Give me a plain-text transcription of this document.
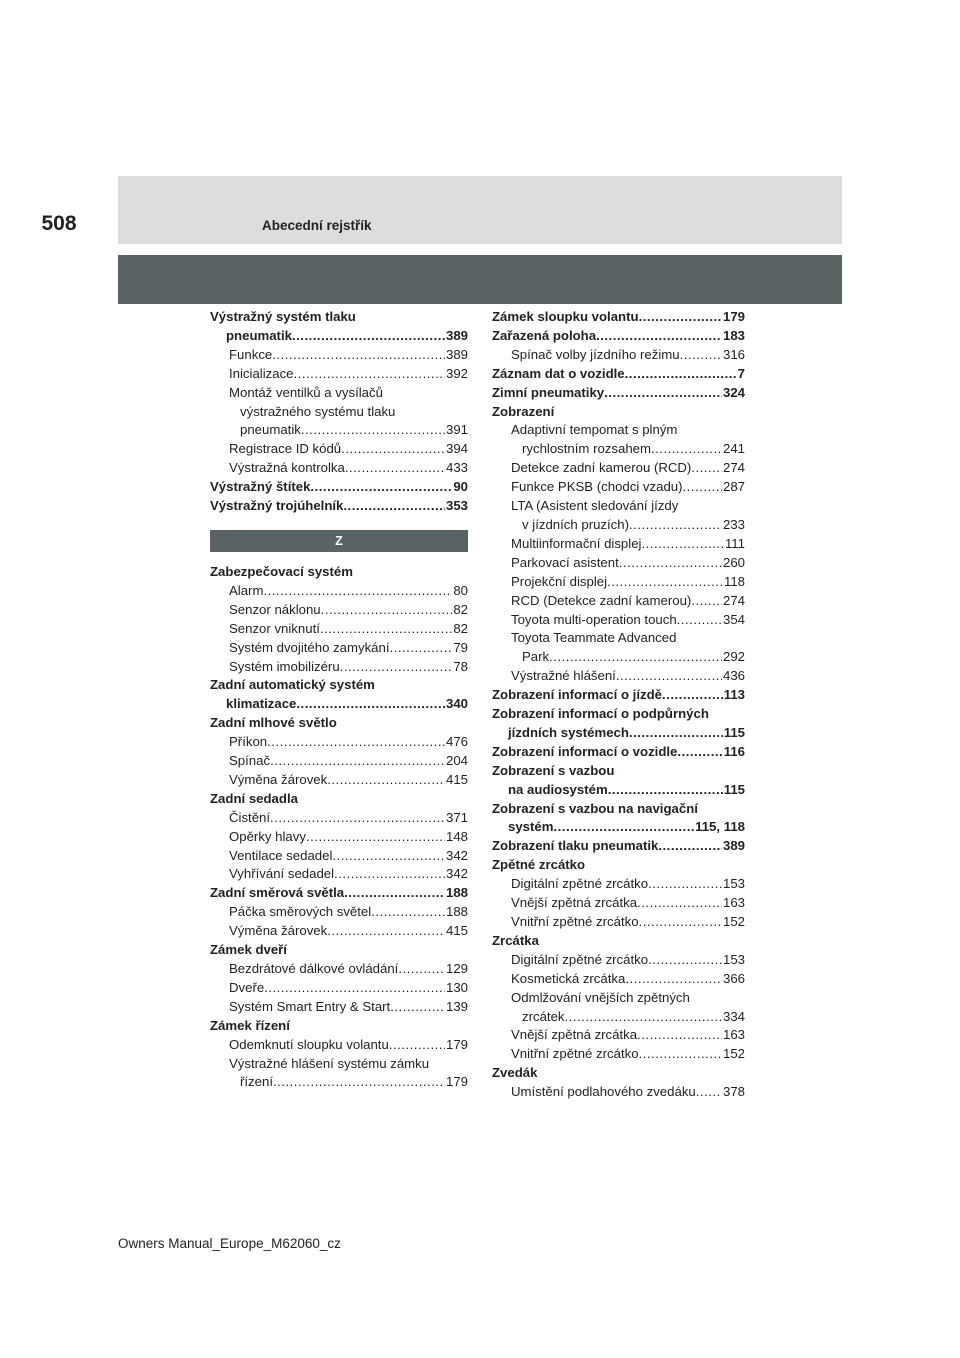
508	Abecední rejstřík
Výstražný systém tlaku
pneumatik .....	389
Funkce .....	389
Inicializace .....	392
Montáž ventilků a vysílačů
výstražného systému tlaku
pneumatik .....	391
Registrace ID kódů .....	394
Výstražná kontrolka .....	433
Výstražný štítek .....	90
Výstražný trojúhelník .....	353
Z
Zabezpečovací systém
Alarm .....	80
Senzor náklonu .....	82
Senzor vniknutí .....	82
Systém dvojitého zamykání .....	79
Systém imobilizéru .....	78
Zadní automatický systém
klimatizace .....	340
Zadní mlhové světlo
Příkon .....	476
Spínač .....	204
Výměna žárovek .....	415
Zadní sedadla
Čistění .....	371
Opěrky hlavy .....	148
Ventilace sedadel .....	342
Vyhřívání sedadel .....	342
Zadní směrová světla .....	188
Páčka směrových světel .....	188
Výměna žárovek .....	415
Zámek dveří
Bezdrátové dálkové ovládání .....	129
Dveře .....	130
Systém Smart Entry & Start .....	139
Zámek řízení
Odemknutí sloupku volantu .....	179
Výstražné hlášení systému zámku
řízení .....	179
Zámek sloupku volantu .....	179
Zařazená poloha .....	183
Spínač volby jízdního režimu .....	316
Záznam dat o vozidle .....	7
Zimní pneumatiky .....	324
Zobrazení
Adaptivní tempomat s plným
rychlostním rozsahem .....	241
Detekce zadní kamerou (RCD) ..... 274
Funkce PKSB (chodci vzadu) .....	287
LTA (Asistent sledování jízdy
v jízdních pruzích) .....	233
Multiinformační displej .....	111
Parkovací asistent .....	260
Projekční displej .....	118
RCD (Detekce zadní kamerou) ..... 274
Toyota multi-operation touch .....	354
Toyota Teammate Advanced
Park .....	292
Výstražné hlášení .....	436
Zobrazení informací o jízdě .....	113
Zobrazení informací o podpůrných
jízdních systémech .....	115
Zobrazení informací o vozidle .....	116
Zobrazení s vazbou
na audiosystém .....	115
Zobrazení s vazbou na navigační
systém .....	115, 118
Zobrazení tlaku pneumatik .....	389
Zpětné zrcátko
Digitální zpětné zrcátko .....	153
Vnější zpětná zrcátka .....	163
Vnitřní zpětné zrcátko .....	152
Zrcátka
Digitální zpětné zrcátko .....	153
Kosmetická zrcátka .....	366
Odmlžování vnějších zpětných
zrcátek .....	334
Vnější zpětná zrcátka .....	163
Vnitřní zpětné zrcátko .....	152
Zvedák
Umístění podlahového zvedáku ..... 378
Owners Manual_Europe_M62060_cz
